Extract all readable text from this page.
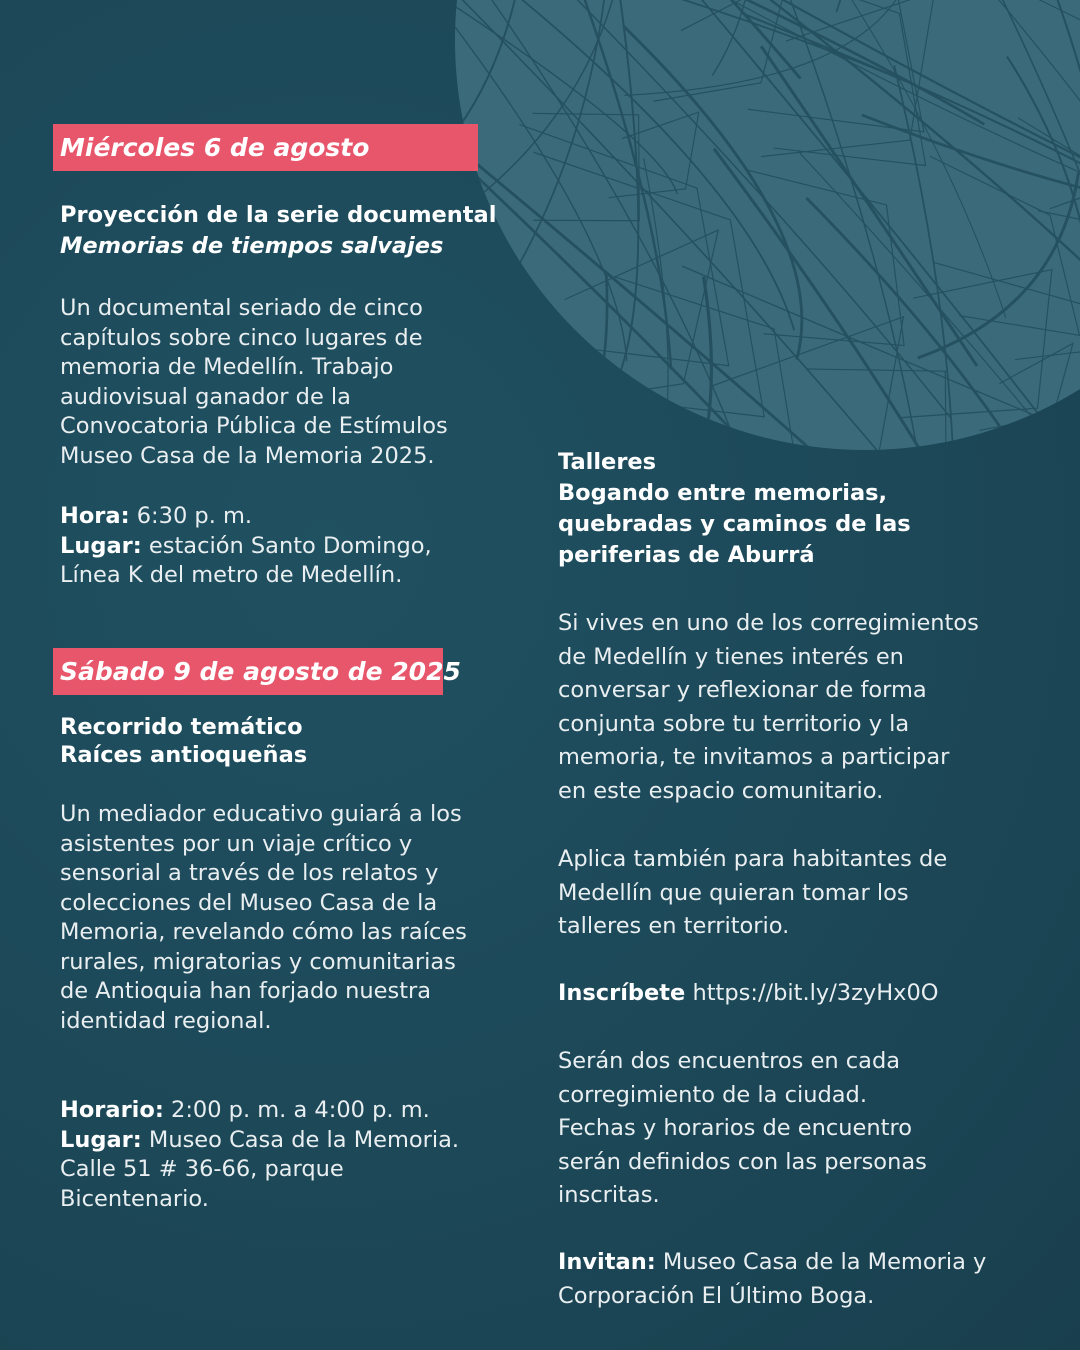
Miércoles 6 de agosto
Proyección de la serie documental
Memorias de tiempos salvajes
Un documental seriado de cinco
capítulos sobre cinco lugares de
memoria de Medellín. Trabajo
audiovisual ganador de la
Convocatoria Pública de Estímulos
Museo Casa de la Memoria 2025.
Hora: 6:30 p. m.
Lugar: estación Santo Domingo,
Línea K del metro de Medellín.
Sábado 9 de agosto de 2025
Recorrido temático
Raíces antioqueñas
Un mediador educativo guiará a los
asistentes por un viaje crítico y
sensorial a través de los relatos y
colecciones del Museo Casa de la
Memoria, revelando cómo las raíces
rurales, migratorias y comunitarias
de Antioquia han forjado nuestra
identidad regional.
Horario: 2:00 p. m. a 4:00 p. m.
Lugar: Museo Casa de la Memoria.
Calle 51 # 36-66, parque
Bicentenario.
Talleres
Bogando entre memorias,
quebradas y caminos de las
periferias de Aburrá
Si vives en uno de los corregimientos
de Medellín y tienes interés en
conversar y reflexionar de forma
conjunta sobre tu territorio y la
memoria, te invitamos a participar
en este espacio comunitario.
Aplica también para habitantes de
Medellín que quieran tomar los
talleres en territorio.
Inscríbete https://bit.ly/3zyHx0O
Serán dos encuentros en cada
corregimiento de la ciudad.
Fechas y horarios de encuentro
serán definidos con las personas
inscritas.
Invitan: Museo Casa de la Memoria y
Corporación El Último Boga.
